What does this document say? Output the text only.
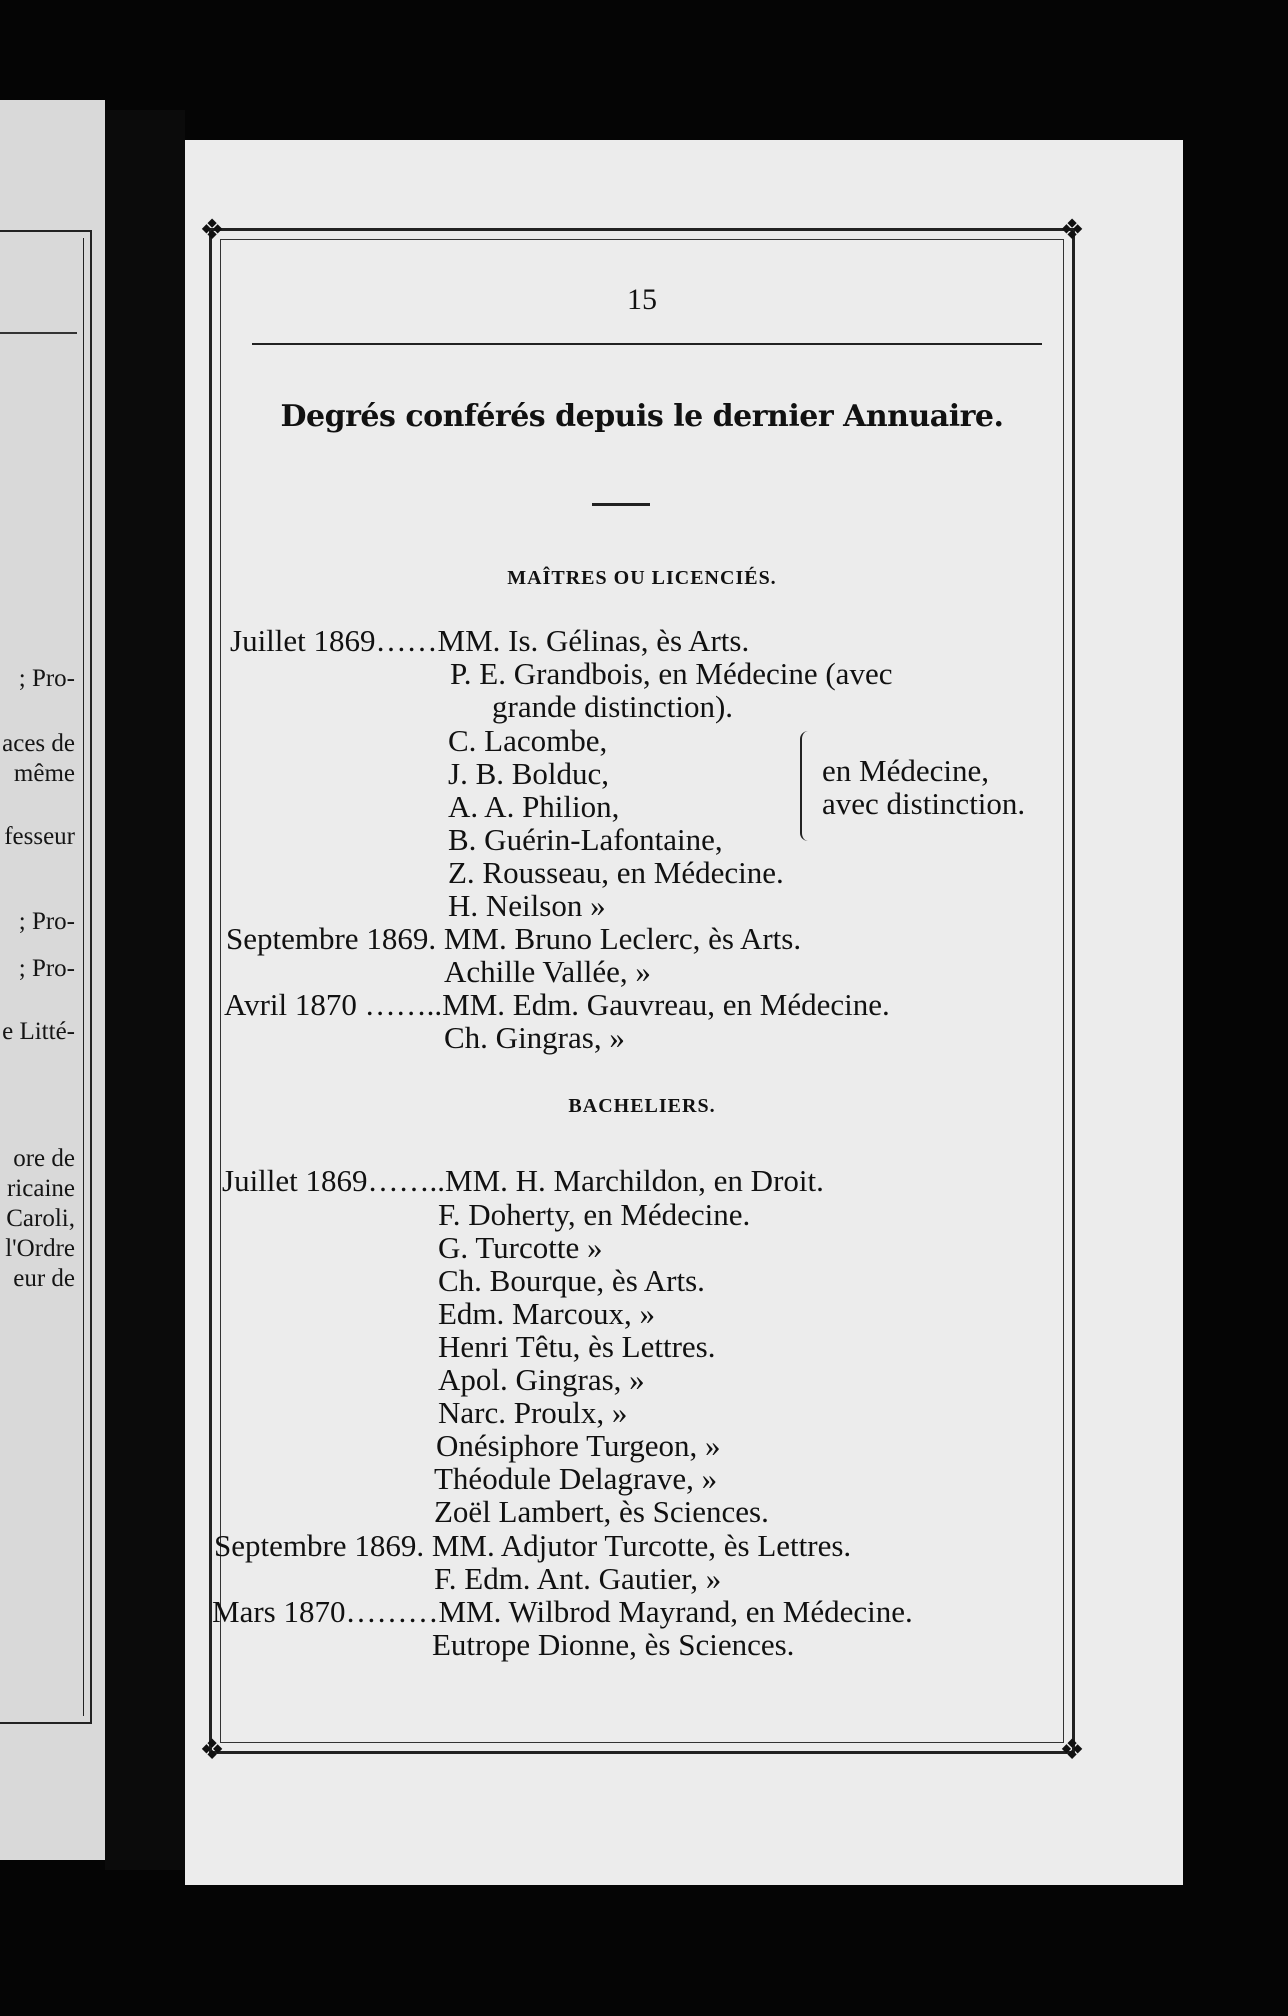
; Pro-
aces de
même
fesseur
; Pro-
; Pro-
e Litté-
ore de
ricaine
Caroli,
l'Ordre
eur de
❖	❖
❖	❖
15
Degrés conférés depuis le dernier Annuaire.
MAÎTRES OU LICENCIÉS.
Juillet 1869……MM. Is. Gélinas, ès Arts.
P. E. Grandbois, en Médecine (avec
grande distinction).
C. Lacombe,
J. B. Bolduc,
A. A. Philion,
B. Guérin-Lafontaine,
en Médecine,
avec distinction.
Z. Rousseau, en Médecine.
H. Neilson »
Septembre 1869. MM. Bruno Leclerc, ès Arts.
Achille Vallée, »
Avril 1870 ……..MM. Edm. Gauvreau, en Médecine.
Ch. Gingras, »
BACHELIERS.
Juillet 1869……..MM. H. Marchildon, en Droit.
F. Doherty, en Médecine.
G. Turcotte »
Ch. Bourque, ès Arts.
Edm. Marcoux, »
Henri Têtu, ès Lettres.
Apol. Gingras, »
Narc. Proulx, »
Onésiphore Turgeon, »
Théodule Delagrave, »
Zoël Lambert, ès Sciences.
Septembre 1869. MM. Adjutor Turcotte, ès Lettres.
F. Edm. Ant. Gautier, »
Mars 1870………MM. Wilbrod Mayrand, en Médecine.
Eutrope Dionne, ès Sciences.
